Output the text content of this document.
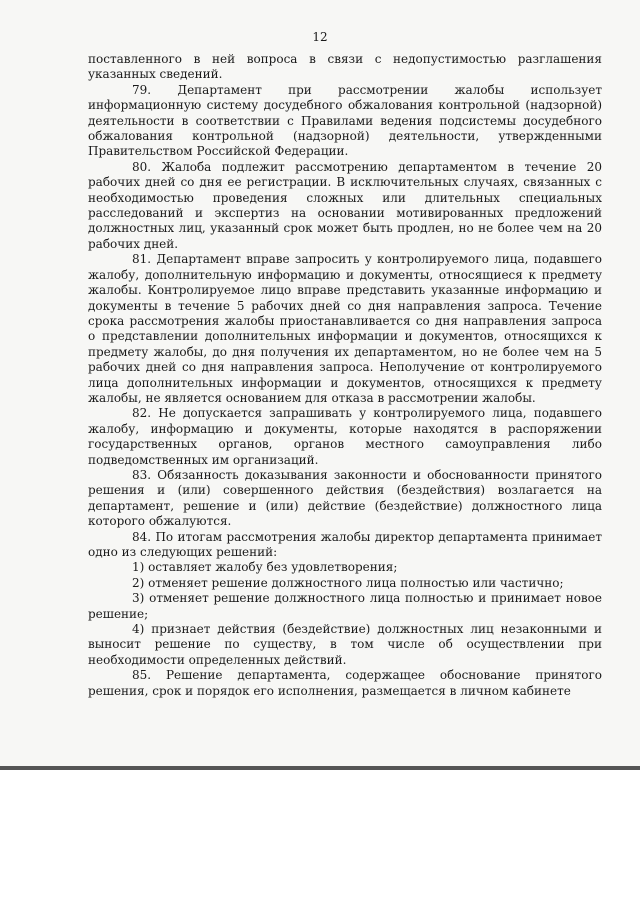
12

поставленного в ней вопроса в связи с недопустимостью разглашения указанных сведений.

79. Департамент при рассмотрении жалобы использует информационную систему досудебного обжалования контрольной (надзорной) деятельности в соответствии с Правилами ведения подсистемы досудебного обжалования контрольной (надзорной) деятельности, утвержденными Правительством Российской Федерации.

80. Жалоба подлежит рассмотрению департаментом в течение 20 рабочих дней со дня ее регистрации. В исключительных случаях, связанных с необходимостью проведения сложных или длительных специальных расследований и экспертиз на основании мотивированных предложений должностных лиц, указанный срок может быть продлен, но не более чем на 20 рабочих дней.

81. Департамент вправе запросить у контролируемого лица, подавшего жалобу, дополнительную информацию и документы, относящиеся к предмету жалобы. Контролируемое лицо вправе представить указанные информацию и документы в течение 5 рабочих дней со дня направления запроса. Течение срока рассмотрения жалобы приостанавливается со дня направления запроса о представлении дополнительных информации и документов, относящихся к предмету жалобы, до дня получения их департаментом, но не более чем на 5 рабочих дней со дня направления запроса. Неполучение от контролируемого лица дополнительных информации и документов, относящихся к предмету жалобы, не является основанием для отказа в рассмотрении жалобы.

82. Не допускается запрашивать у контролируемого лица, подавшего жалобу, информацию и документы, которые находятся в распоряжении государственных органов, органов местного самоуправления либо подведомственных им организаций.

83. Обязанность доказывания законности и обоснованности принятого решения и (или) совершенного действия (бездействия) возлагается на департамент, решение и (или) действие (бездействие) должностного лица которого обжалуются.

84. По итогам рассмотрения жалобы директор департамента принимает одно из следующих решений:

1) оставляет жалобу без удовлетворения;

2) отменяет решение должностного лица полностью или частично;

3) отменяет решение должностного лица полностью и принимает новое решение;

4) признает действия (бездействие) должностных лиц незаконными и выносит решение по существу, в том числе об осуществлении при необходимости определенных действий.

85. Решение департамента, содержащее обоснование принятого решения, срок и порядок его исполнения, размещается в личном кабинете
